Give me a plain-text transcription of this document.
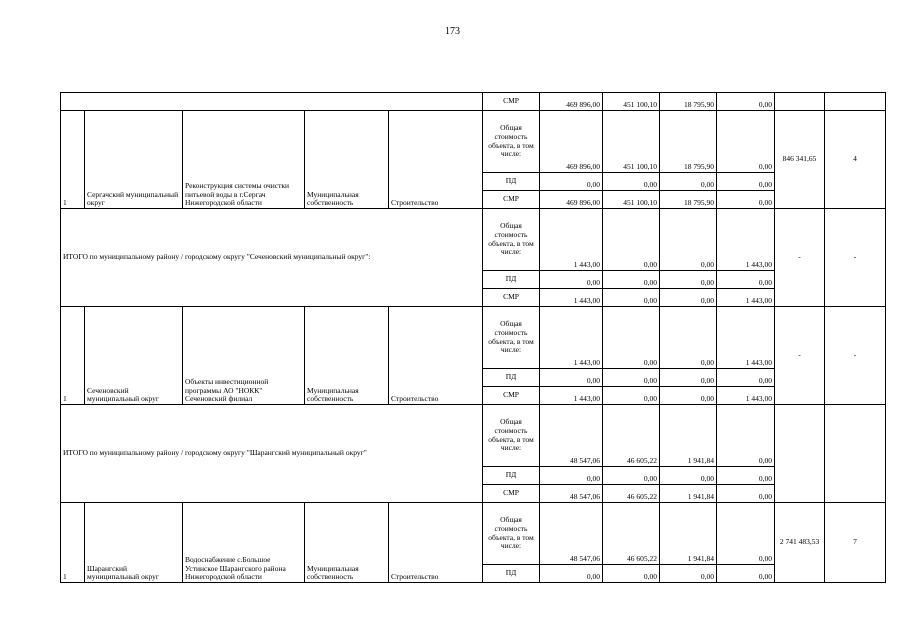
173
					СМР	469 896,00	451 100,10	18 795,90	0,00		
1	Сергачский муниципальный округ	Реконструкция системы очистки питьевой воды в г.Сергач Нижегородской области	Муниципальная собственность	Строительство	Общая стоимость объекта, в том числе:	469 896,00	451 100,10	18 795,90	0,00	846 341,65	4
					ПД	0,00	0,00	0,00	0,00		
					СМР	469 896,00	451 100,10	18 795,90	0,00		
ИТОГО по муниципальному району / городскому округу "Сеченовский муниципальный округ":					Общая стоимость объекта, в том числе:	1 443,00	0,00	0,00	1 443,00	-	-
					ПД	0,00	0,00	0,00	0,00		
					СМР	1 443,00	0,00	0,00	1 443,00		
1	Сеченовский муниципальный округ	Объекты инвестиционной программы АО "НОКК" Сеченовский филиал	Муниципальная собственность	Строительство	Общая стоимость объекта, в том числе:	1 443,00	0,00	0,00	1 443,00	-	-
					ПД	0,00	0,00	0,00	0,00		
					СМР	1 443,00	0,00	0,00	1 443,00		
ИТОГО по муниципальному району / городскому округу "Шарангский муниципальный округ"					Общая стоимость объекта, в том числе:	48 547,06	46 605,22	1 941,84	0,00		
					ПД	0,00	0,00	0,00	0,00		
					СМР	48 547,06	46 605,22	1 941,84	0,00		
1	Шарангский муниципальный округ	Водоснабжение с.Большое Устинское Шарангского района Нижегородской области	Муниципальная собственность	Строительство	Общая стоимость объекта, в том числе:	48 547,06	46 605,22	1 941,84	0,00	2 741 483,53	7
					ПД	0,00	0,00	0,00	0,00		
